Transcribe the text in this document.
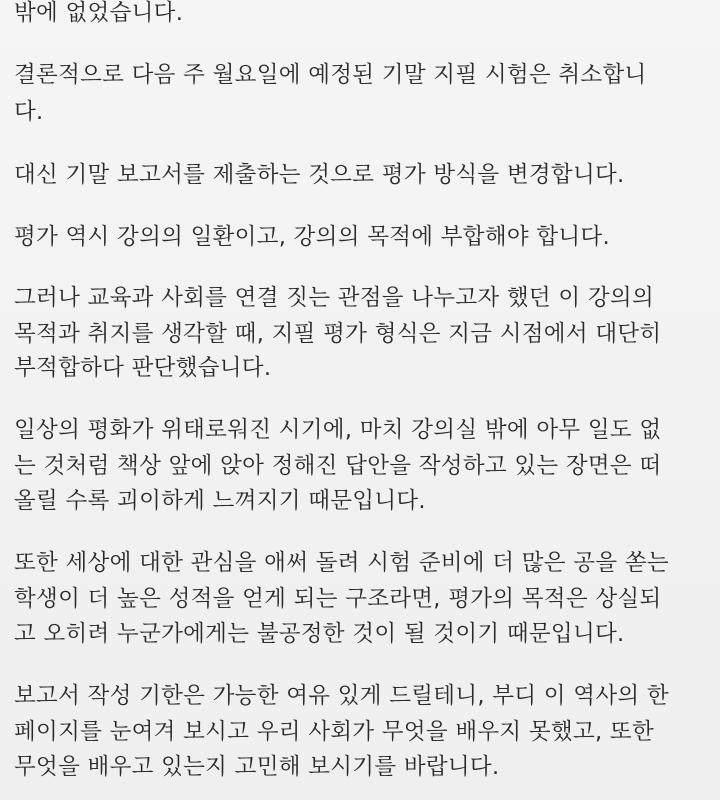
밖에 없었습니다.
결론적으로 다음 주 월요일에 예정된 기말 지필 시험은 취소합니
다.
대신 기말 보고서를 제출하는 것으로 평가 방식을 변경합니다.
평가 역시 강의의 일환이고, 강의의 목적에 부합해야 합니다.
그러나 교육과 사회를 연결 짓는 관점을 나누고자 했던 이 강의의
목적과 취지를 생각할 때, 지필 평가 형식은 지금 시점에서 대단히
부적합하다 판단했습니다.
일상의 평화가 위태로워진 시기에, 마치 강의실 밖에 아무 일도 없
는 것처럼 책상 앞에 앉아 정해진 답안을 작성하고 있는 장면은 떠
올릴 수록 괴이하게 느껴지기 때문입니다.
또한 세상에 대한 관심을 애써 돌려 시험 준비에 더 많은 공을 쏟는
학생이 더 높은 성적을 얻게 되는 구조라면, 평가의 목적은 상실되
고 오히려 누군가에게는 불공정한 것이 될 것이기 때문입니다.
보고서 작성 기한은 가능한 여유 있게 드릴테니, 부디 이 역사의 한
페이지를 눈여겨 보시고 우리 사회가 무엇을 배우지 못했고, 또한
무엇을 배우고 있는지 고민해 보시기를 바랍니다.
